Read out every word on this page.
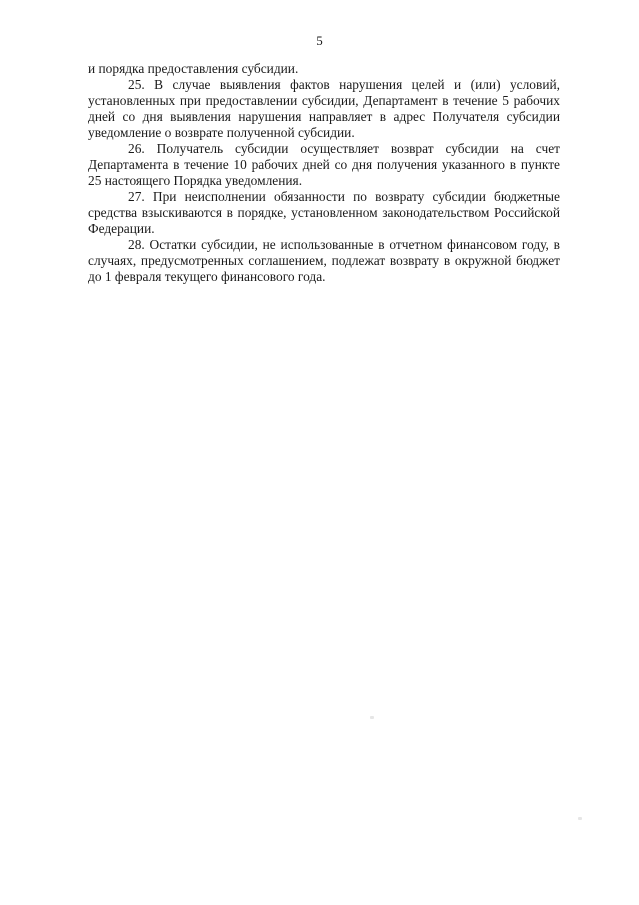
5

и порядка предоставления субсидии.

25. В случае выявления фактов нарушения целей и (или) условий, установленных при предоставлении субсидии, Департамент в течение 5 рабочих дней со дня выявления нарушения направляет в адрес Получателя субсидии уведомление о возврате полученной субсидии.

26. Получатель субсидии осуществляет возврат субсидии на счет Департамента в течение 10 рабочих дней со дня получения указанного в пункте 25 настоящего Порядка уведомления.

27. При неисполнении обязанности по возврату субсидии бюджетные средства взыскиваются в порядке, установленном законодательством Российской Федерации.

28. Остатки субсидии, не использованные в отчетном финансовом году, в случаях, предусмотренных соглашением, подлежат возврату в окружной бюджет до 1 февраля текущего финансового года.
